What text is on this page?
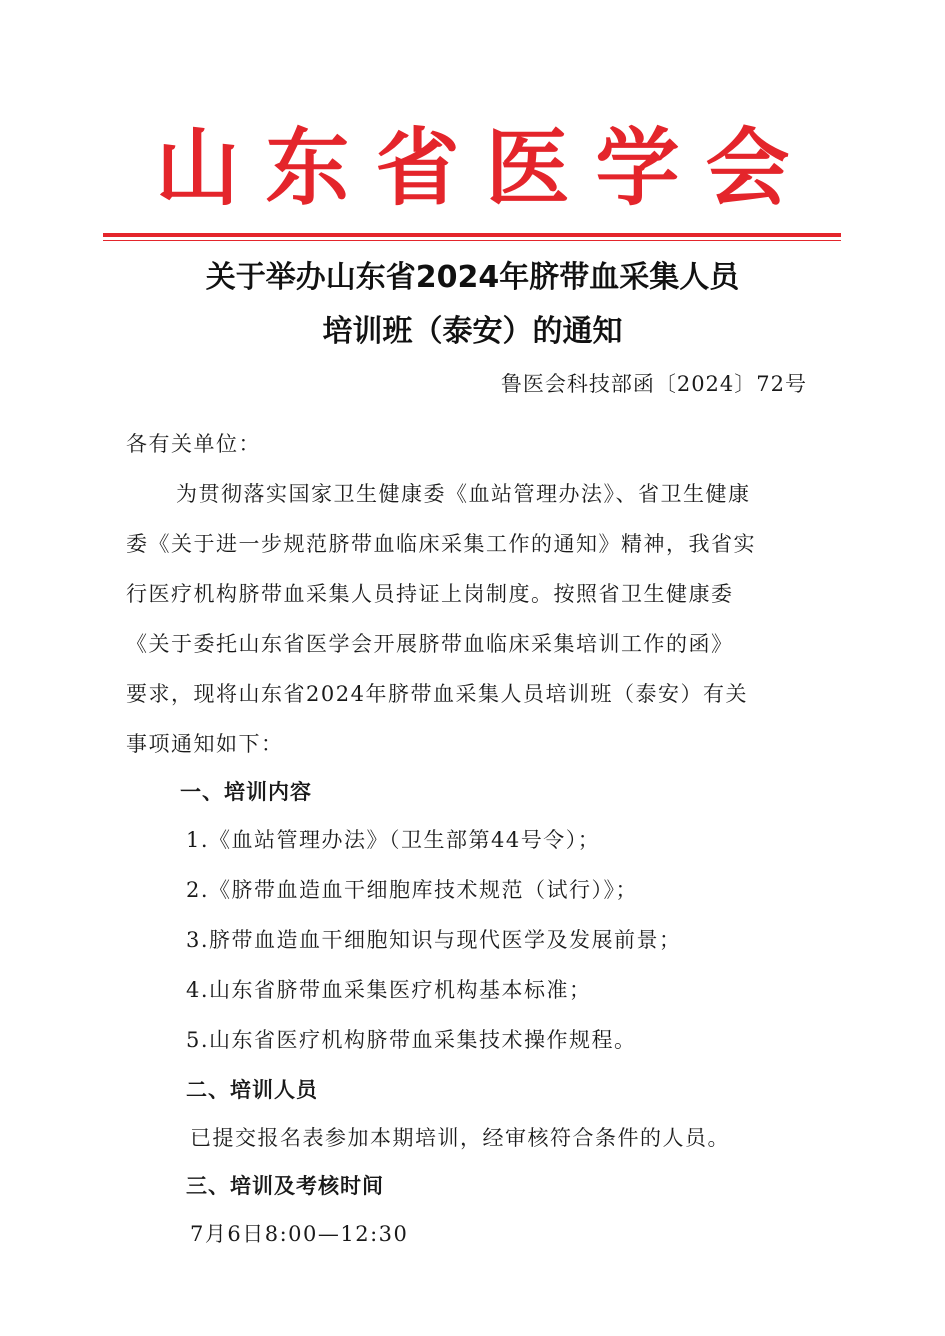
山东省医学会
关于举办山东省2024年脐带血采集人员
培训班（泰安）的通知
鲁医会科技部函〔2024〕72号
各有关单位：
为贯彻落实国家卫生健康委《血站管理办法》、省卫生健康
委《关于进一步规范脐带血临床采集工作的通知》精神，我省实
行医疗机构脐带血采集人员持证上岗制度。按照省卫生健康委
《关于委托山东省医学会开展脐带血临床采集培训工作的函》
要求，现将山东省2024年脐带血采集人员培训班（泰安）有关
事项通知如下：
一、培训内容
1.《血站管理办法》（卫生部第44号令）；
2.《脐带血造血干细胞库技术规范（试行）》；
3.脐带血造血干细胞知识与现代医学及发展前景；
4.山东省脐带血采集医疗机构基本标准；
5.山东省医疗机构脐带血采集技术操作规程。
二、培训人员
已提交报名表参加本期培训，经审核符合条件的人员。
三、培训及考核时间
7月6日8:00—12:30
